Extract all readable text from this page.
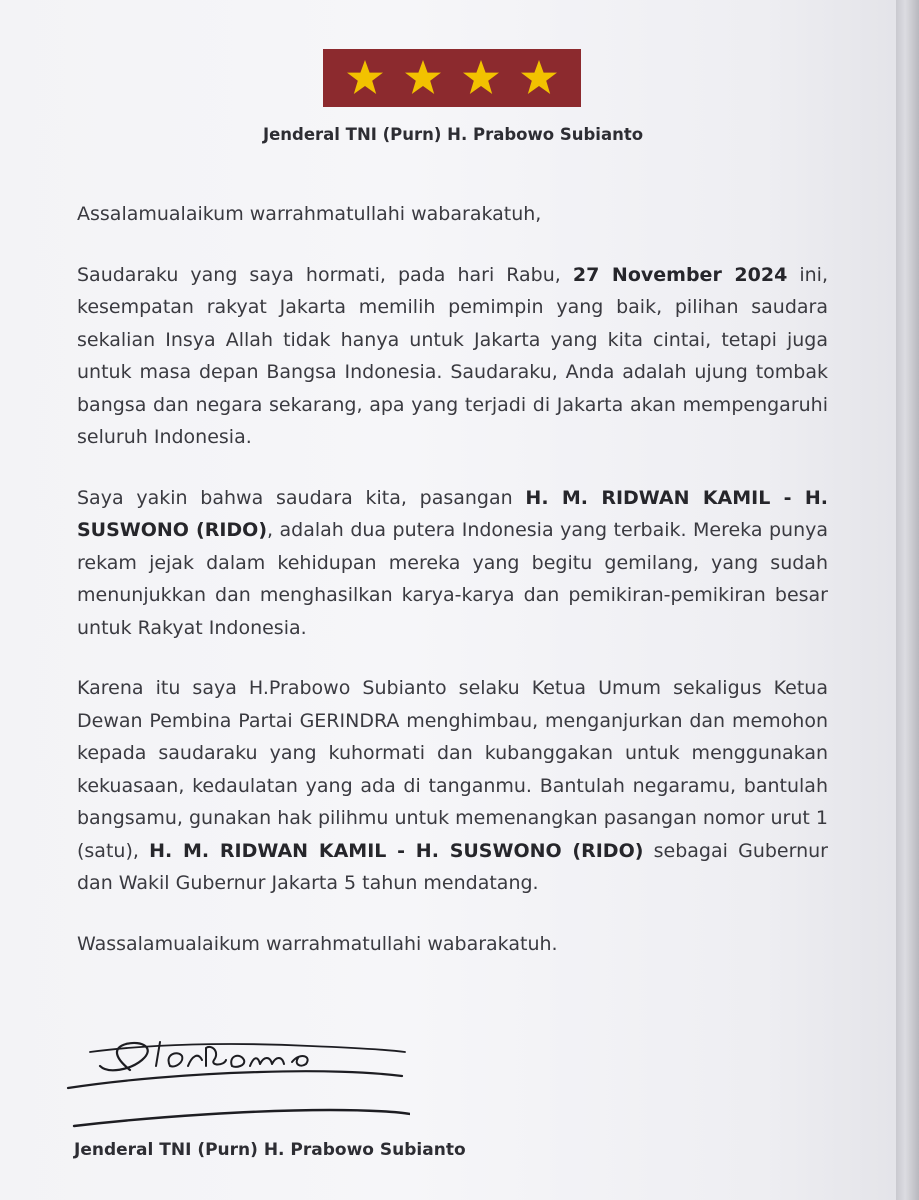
Jenderal TNI (Purn) H. Prabowo Subianto

Assalamualaikum warrahmatullahi wabarakatuh,

Saudaraku yang saya hormati, pada hari Rabu, 27 November 2024 ini, kesempatan rakyat Jakarta memilih pemimpin yang baik, pilihan saudara sekalian Insya Allah tidak hanya untuk Jakarta yang kita cintai, tetapi juga untuk masa depan Bangsa Indonesia. Saudaraku, Anda adalah ujung tombak bangsa dan negara sekarang, apa yang terjadi di Jakarta akan mempengaruhi seluruh Indonesia.

Saya yakin bahwa saudara kita, pasangan H. M. RIDWAN KAMIL - H. SUSWONO (RIDO), adalah dua putera Indonesia yang terbaik. Mereka punya rekam jejak dalam kehidupan mereka yang begitu gemilang, yang sudah menunjukkan dan menghasilkan karya-karya dan pemikiran-pemikiran besar untuk Rakyat Indonesia.

Karena itu saya H.Prabowo Subianto selaku Ketua Umum sekaligus Ketua Dewan Pembina Partai GERINDRA menghimbau, menganjurkan dan memohon kepada saudaraku yang kuhormati dan kubanggakan untuk menggunakan kekuasaan, kedaulatan yang ada di tanganmu. Bantulah negaramu, bantulah bangsamu, gunakan hak pilihmu untuk memenangkan pasangan nomor urut 1 (satu), H. M. RIDWAN KAMIL - H. SUSWONO (RIDO) sebagai Gubernur dan Wakil Gubernur Jakarta 5 tahun mendatang.

Wassalamualaikum warrahmatullahi wabarakatuh.

Jenderal TNI (Purn) H. Prabowo Subianto
